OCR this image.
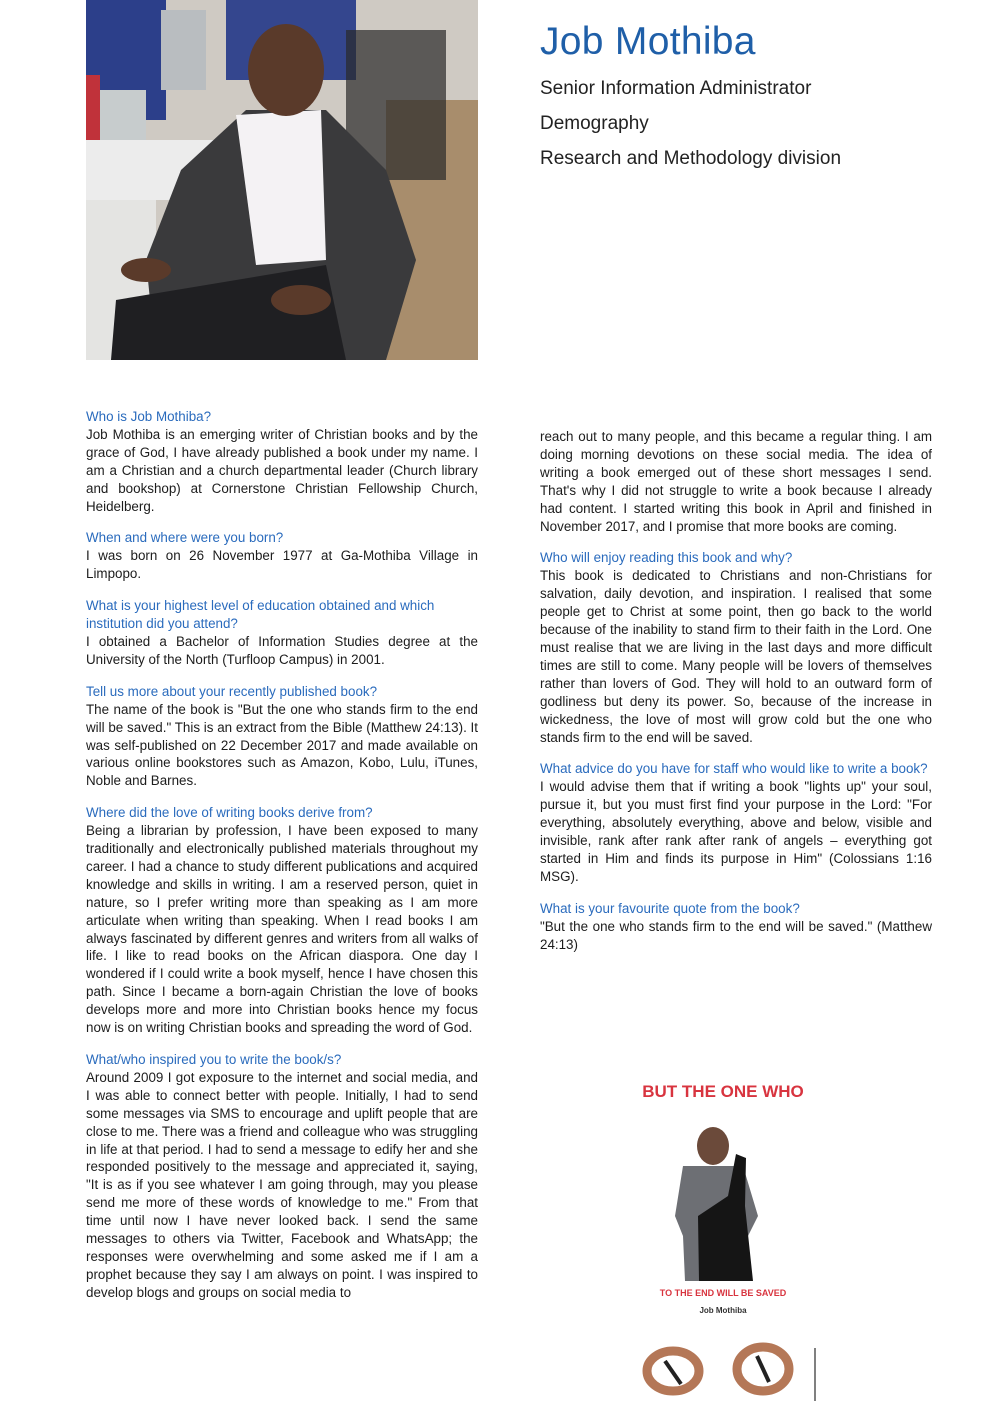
Job Mothiba

Senior Information Administrator

Demography

Research and Methodology division

Who is Job Mothiba?

Job Mothiba is an emerging writer of Christian books and by the grace of God, I have already published a book under my name. I am a Christian and a church departmental leader (Church library and bookshop) at Cornerstone Christian Fellowship Church, Heidelberg.

When and where were you born?

I was born on 26 November 1977 at Ga-Mothiba Village in Limpopo.

What is your highest level of education obtained and which institution did you attend?

I obtained a Bachelor of Information Studies degree at the University of the North (Turfloop Campus) in 2001.

Tell us more about your recently published book?

The name of the book is "But the one who stands firm to the end will be saved." This is an extract from the Bible (Matthew 24:13). It was self-published on 22 December 2017 and made available on various online bookstores such as Amazon, Kobo, Lulu, iTunes, Noble and Barnes.

Where did the love of writing books derive from?

Being a librarian by profession, I have been exposed to many traditionally and electronically published materials throughout my career. I had a chance to study different publications and acquired knowledge and skills in writing. I am a reserved person, quiet in nature, so I prefer writing more than speaking as I am more articulate when writing than speaking. When I read books I am always fascinated by different genres and writers from all walks of life. I like to read books on the African diaspora. One day I wondered if I could write a book myself, hence I have chosen this path. Since I became a born-again Christian the love of books develops more and more into Christian books hence my focus now is on writing Christian books and spreading the word of God.

What/who inspired you to write the book/s?

Around 2009 I got exposure to the internet and social media, and I was able to connect better with people. Initially, I had to send some messages via SMS to encourage and uplift people that are close to me. There was a friend and colleague who was struggling in life at that period. I had to send a message to edify her and she responded positively to the message and appreciated it, saying, "It is as if you see whatever I am going through, may you please send me more of these words of knowledge to me." From that time until now I have never looked back. I send the same messages to others via Twitter, Facebook and WhatsApp; the responses were overwhelming and some asked me if I am a prophet because they say I am always on point. I was inspired to develop blogs and groups on social media to

reach out to many people, and this became a regular thing. I am doing morning devotions on these social media. The idea of writing a book emerged out of these short messages I send. That's why I did not struggle to write a book because I already had content. I started writing this book in April and finished in November 2017, and I promise that more books are coming.

Who will enjoy reading this book and why?

This book is dedicated to Christians and non-Christians for salvation, daily devotion, and inspiration. I realised that some people get to Christ at some point, then go back to the world because of the inability to stand firm to their faith in the Lord. One must realise that we are living in the last days and more difficult times are still to come. Many people will be lovers of themselves rather than lovers of God. They will hold to an outward form of godliness but deny its power. So, because of the increase in wickedness, the love of most will grow cold but the one who stands firm to the end will be saved.

What advice do you have for staff who would like to write a book?

I would advise them that if writing a book "lights up" your soul, pursue it, but you must first find your purpose in the Lord: "For everything, absolutely everything, above and below, visible and invisible, rank after rank after rank of angels – everything got started in Him and finds its purpose in Him" (Colossians 1:16 MSG).

What is your favourite quote from the book?

"But the one who stands firm to the end will be saved." (Matthew 24:13)

BUT THE ONE WHO
TO THE END WILL BE SAVED
Job Mothiba
